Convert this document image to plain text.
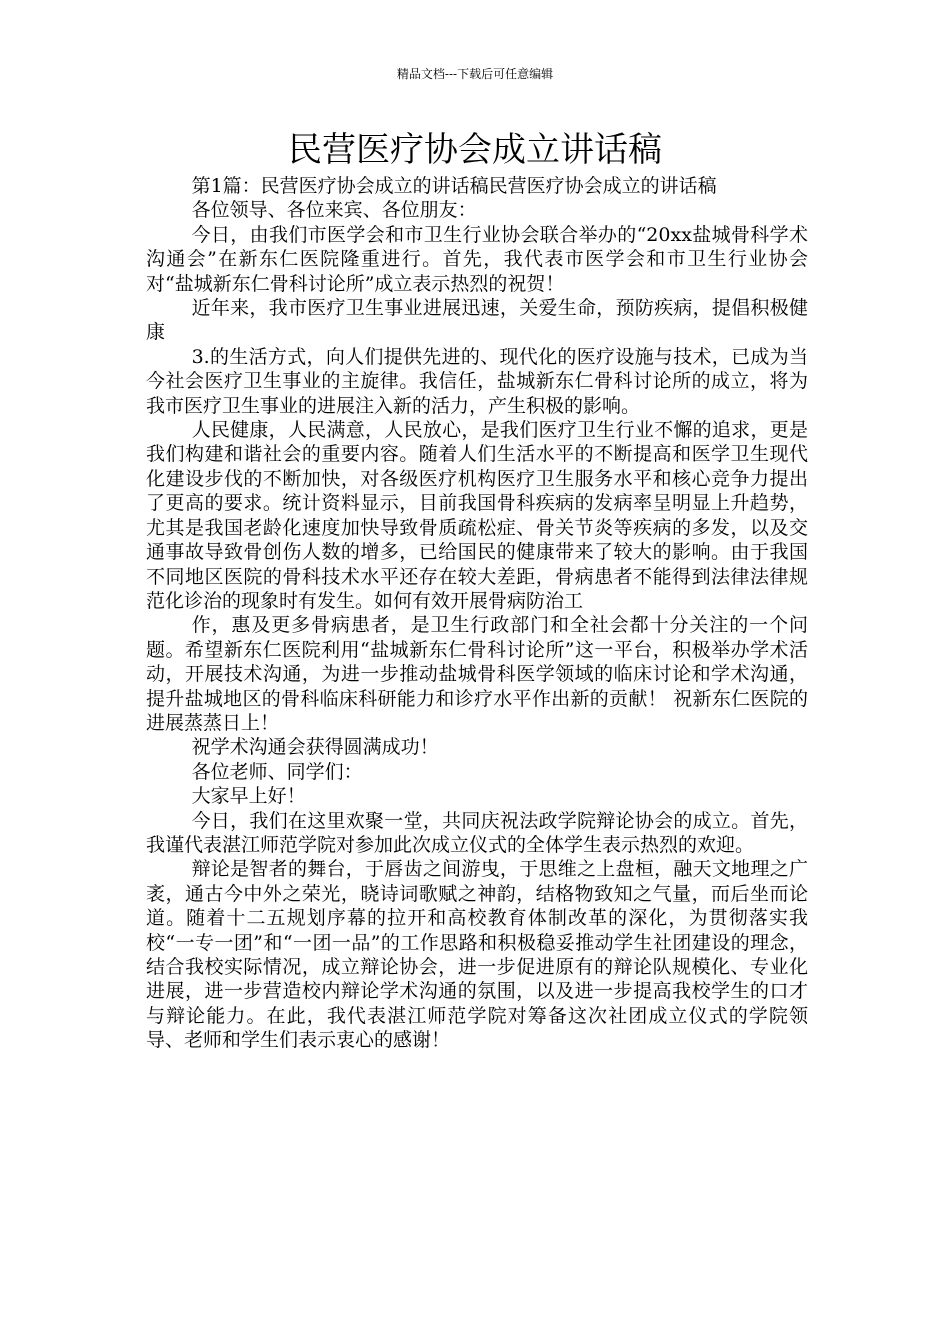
精品文档---下载后可任意编辑
民营医疗协会成立讲话稿

第1篇：民营医疗协会成立的讲话稿民营医疗协会成立的讲话稿

各位领导、各位来宾、各位朋友：

今日，由我们市医学会和市卫生行业协会联合举办的“20xx盐城骨科学术沟通会”在新东仁医院隆重进行。首先，我代表市医学会和市卫生行业协会对“盐城新东仁骨科讨论所”成立表示热烈的祝贺！

近年来，我市医疗卫生事业进展迅速，关爱生命，预防疾病，提倡积极健康

3.的生活方式，向人们提供先进的、现代化的医疗设施与技术，已成为当今社会医疗卫生事业的主旋律。我信任，盐城新东仁骨科讨论所的成立，将为我市医疗卫生事业的进展注入新的活力，产生积极的影响。

人民健康，人民满意，人民放心，是我们医疗卫生行业不懈的追求，更是我们构建和谐社会的重要内容。随着人们生活水平的不断提高和医学卫生现代化建设步伐的不断加快，对各级医疗机构医疗卫生服务水平和核心竞争力提出了更高的要求。统计资料显示，目前我国骨科疾病的发病率呈明显上升趋势，尤其是我国老龄化速度加快导致骨质疏松症、骨关节炎等疾病的多发，以及交通事故导致骨创伤人数的增多，已给国民的健康带来了较大的影响。由于我国不同地区医院的骨科技术水平还存在较大差距，骨病患者不能得到法律法律规范化诊治的现象时有发生。如何有效开展骨病防治工

作，惠及更多骨病患者，是卫生行政部门和全社会都十分关注的一个问题。希望新东仁医院利用“盐城新东仁骨科讨论所”这一平台，积极举办学术活动，开展技术沟通，为进一步推动盐城骨科医学领域的临床讨论和学术沟通，提升盐城地区的骨科临床科研能力和诊疗水平作出新的贡献！ 祝新东仁医院的进展蒸蒸日上！

祝学术沟通会获得圆满成功！

各位老师、同学们：

大家早上好！

今日，我们在这里欢聚一堂，共同庆祝法政学院辩论协会的成立。首先，我谨代表湛江师范学院对参加此次成立仪式的全体学生表示热烈的欢迎。

辩论是智者的舞台，于唇齿之间游曳，于思维之上盘桓，融天文地理之广袤，通古今中外之荣光，晓诗词歌赋之神韵，结格物致知之气量，而后坐而论道。随着十二五规划序幕的拉开和高校教育体制改革的深化，为贯彻落实我校“一专一团”和“一团一品”的工作思路和积极稳妥推动学生社团建设的理念，结合我校实际情况，成立辩论协会，进一步促进原有的辩论队规模化、专业化进展，进一步营造校内辩论学术沟通的氛围，以及进一步提高我校学生的口才与辩论能力。在此，我代表湛江师范学院对筹备这次社团成立仪式的学院领导、老师和学生们表示衷心的感谢！
